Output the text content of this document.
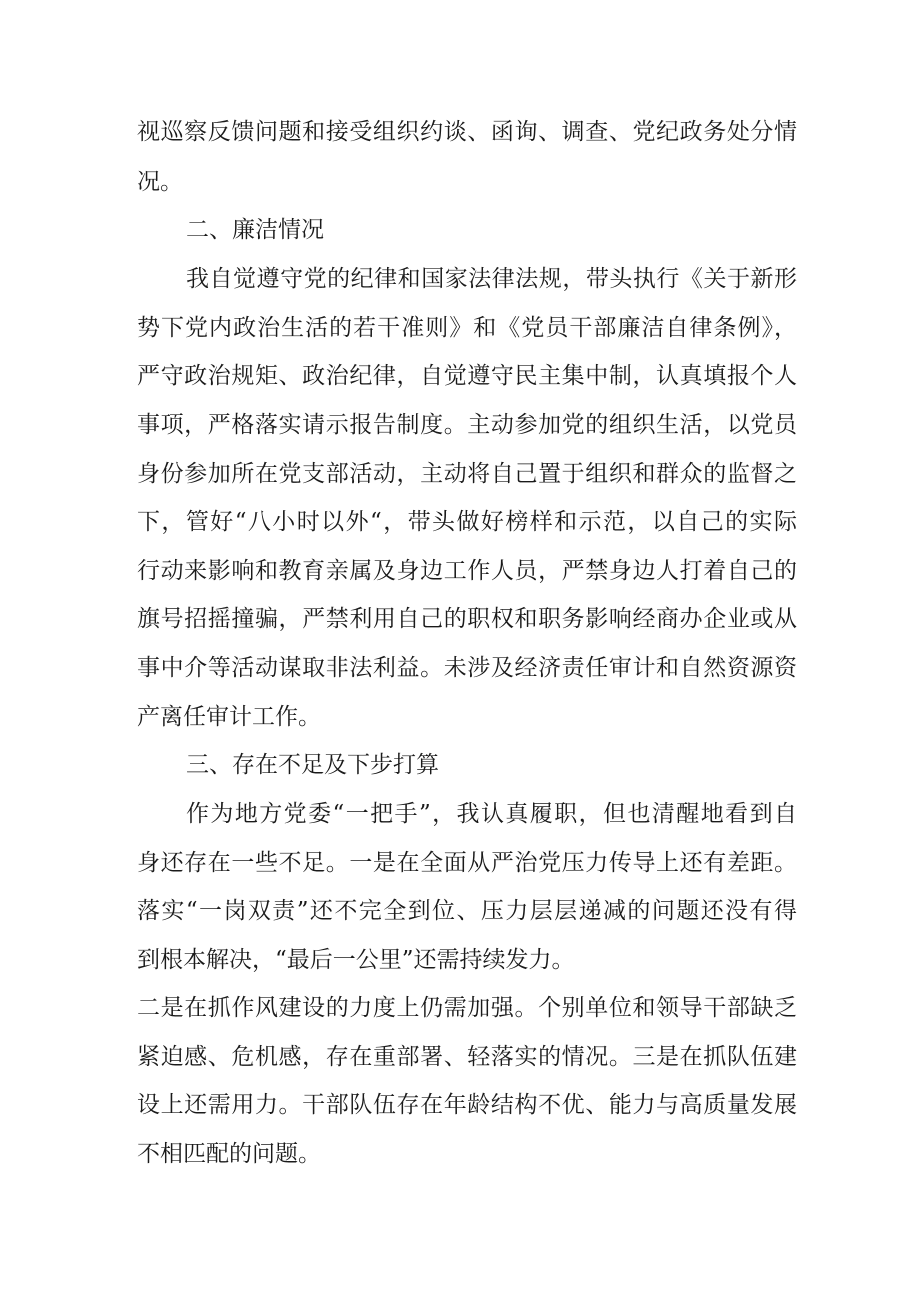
视巡察反馈问题和接受组织约谈、函询、调查、党纪政务处分情

况。

二、廉洁情况

我自觉遵守党的纪律和国家法律法规，带头执行《关于新形

势下党内政治生活的若干准则》和《党员干部廉洁自律条例》，

严守政治规矩、政治纪律，自觉遵守民主集中制，认真填报个人

事项，严格落实请示报告制度。主动参加党的组织生活，以党员

身份参加所在党支部活动，主动将自己置于组织和群众的监督之

下，管好“八小时以外“，带头做好榜样和示范，以自己的实际

行动来影响和教育亲属及身边工作人员，严禁身边人打着自己的

旗号招摇撞骗，严禁利用自己的职权和职务影响经商办企业或从

事中介等活动谋取非法利益。未涉及经济责任审计和自然资源资

产离任审计工作。

三、存在不足及下步打算

作为地方党委“一把手”，我认真履职，但也清醒地看到自

身还存在一些不足。一是在全面从严治党压力传导上还有差距。

落实“一岗双责”还不完全到位、压力层层递减的问题还没有得

到根本解决，“最后一公里”还需持续发力。

二是在抓作风建设的力度上仍需加强。个别单位和领导干部缺乏

紧迫感、危机感，存在重部署、轻落实的情况。三是在抓队伍建

设上还需用力。干部队伍存在年龄结构不优、能力与高质量发展

不相匹配的问题。
